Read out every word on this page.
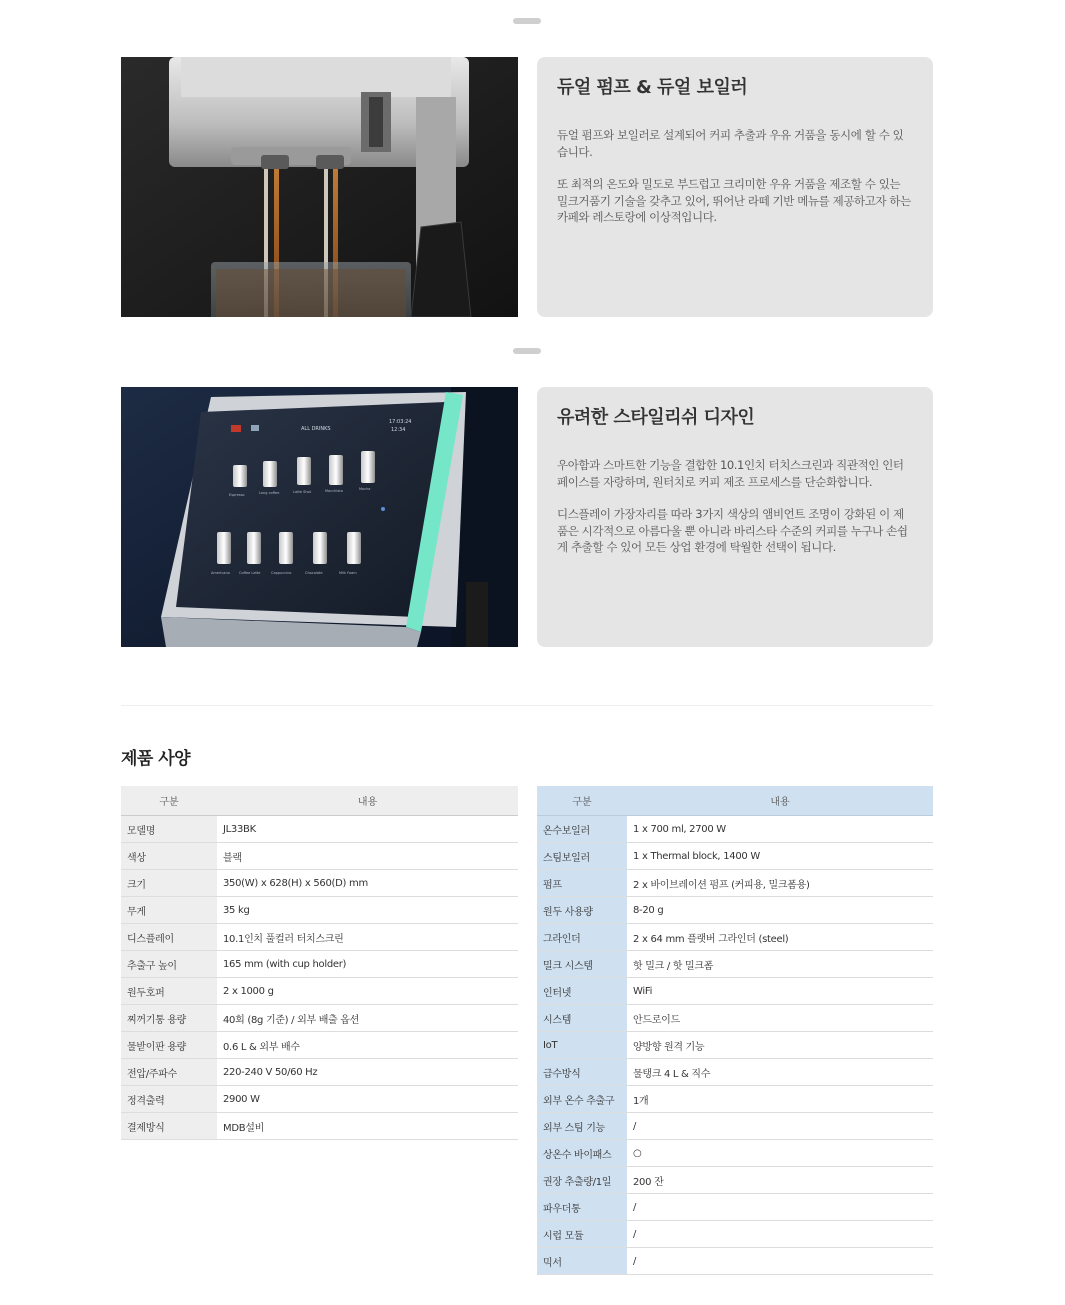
듀얼 펌프 & 듀얼 보일러

듀얼 펌프와 보일러로 설계되어 커피 추출과 우유 거품을 동시에 할 수 있습니다.

또 최적의 온도와 밀도로 부드럽고 크리미한 우유 거품을 제조할 수 있는 밀크거품기 기술을 갖추고 있어, 뛰어난 라떼 기반 메뉴를 제공하고자 하는 카페와 레스토랑에 이상적입니다.

ALL DRINKS
17:03:24
12:34
Espresso	Long coffee	Latte Shot	Macchiato	Mocha
Americano	Coffee Latte	Cappuccino	Chocolate	Milk Foam
유려한 스타일리쉬 디자인

우아함과 스마트한 기능을 결합한 10.1인치 터치스크린과 직관적인 인터페이스를 자랑하며, 원터치로 커피 제조 프로세스를 단순화합니다.

디스플레이 가장자리를 따라 3가지 색상의 앰비언트 조명이 강화된 이 제품은 시각적으로 아름다울 뿐 아니라 바리스타 수준의 커피를 누구나 손쉽게 추출할 수 있어 모든 상업 환경에 탁월한 선택이 됩니다.

제품 사양
구분	내용
모델명	JL33BK
색상	블랙
크기	350(W) x 628(H) x 560(D) mm
무게	35 kg
디스플레이	10.1인치 풀컬러 터치스크린
추출구 높이	165 mm (with cup holder)
원두호퍼	2 x 1000 g
찌꺼기통 용량	40회 (8g 기준) / 외부 배출 옵션
물받이판 용량	0.6 L & 외부 배수
전압/주파수	220-240 V 50/60 Hz
정격출력	2900 W
결제방식	MDB설비
구분	내용
온수보일러	1 x 700 ml, 2700 W
스팀보일러	1 x Thermal block, 1400 W
펌프	2 x 바이브레이션 펌프 (커피용, 밀크폼용)
원두 사용량	8-20 g
그라인더	2 x 64 mm 플랫버 그라인더 (steel)
밀크 시스템	핫 밀크 / 핫 밀크폼
인터넷	WiFi
시스템	안드로이드
IoT	양방향 원격 기능
급수방식	물탱크 4 L & 직수
외부 온수 추출구	1개
외부 스팀 기능	/
상온수 바이패스	○
권장 추출량/1일	200 잔
파우더통	/
시럽 모듈	/
믹서	/
